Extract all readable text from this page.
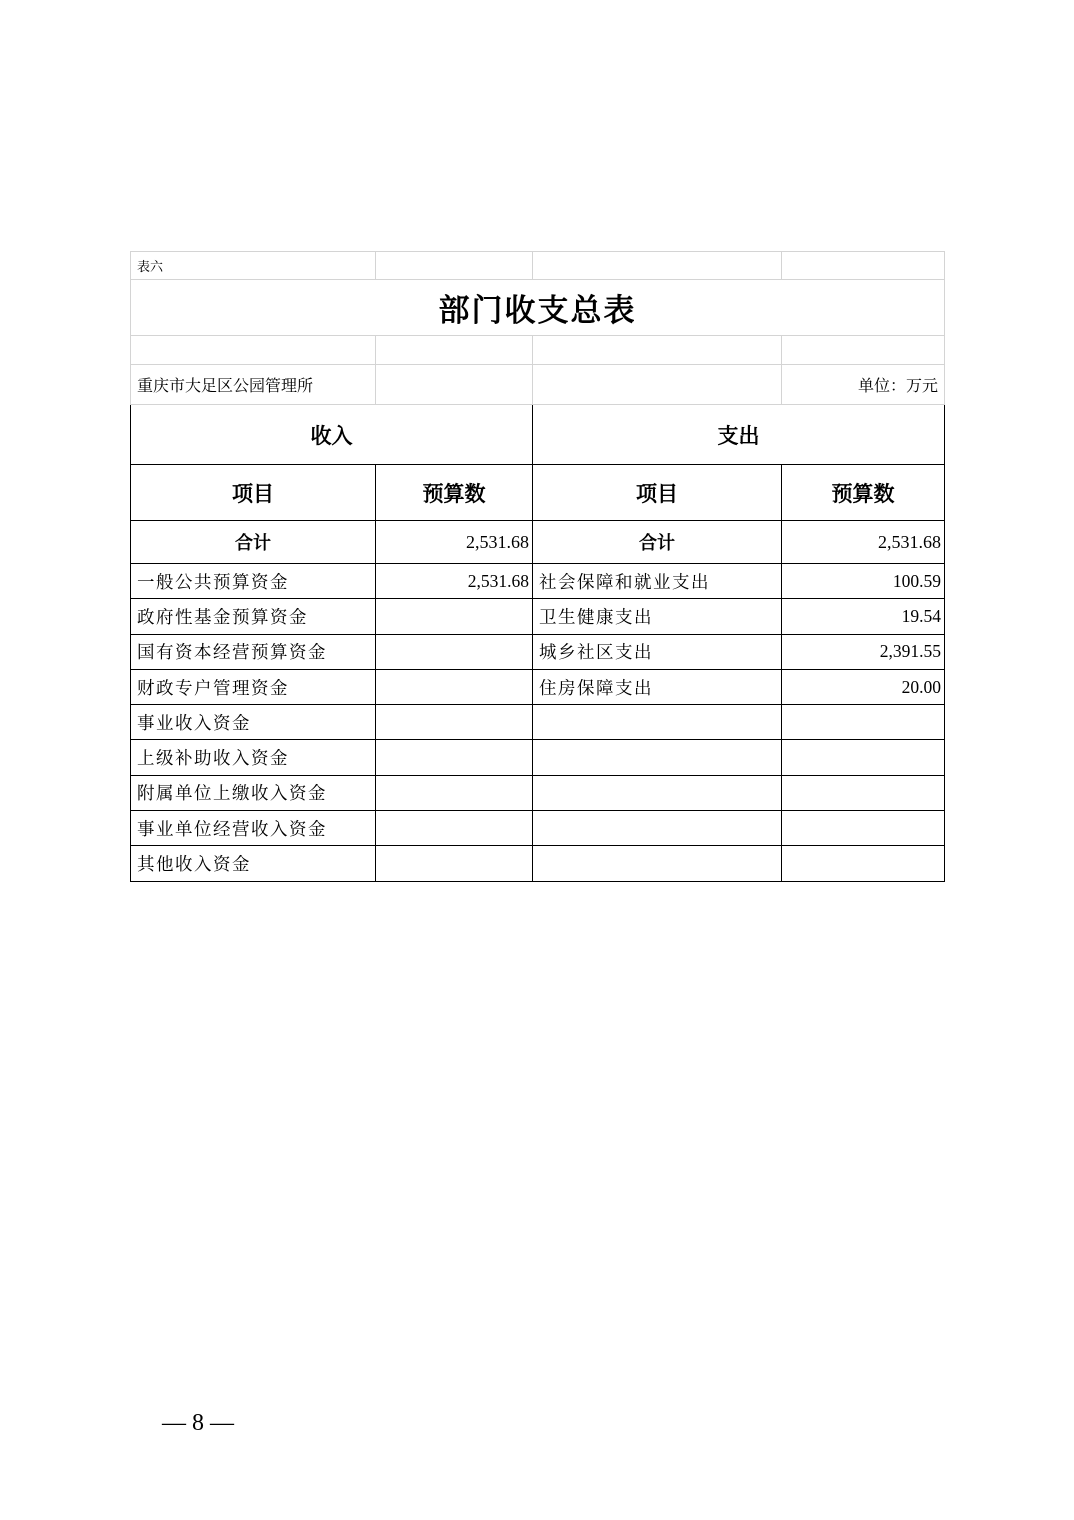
表六			
部门收支总表			

重庆市大足区公园管理所			单位：万元
收入		支出	
项目	预算数	项目	预算数
合计	2,531.68	合计	2,531.68
一般公共预算资金	2,531.68	社会保障和就业支出	100.59
政府性基金预算资金		卫生健康支出	19.54
国有资本经营预算资金		城乡社区支出	2,391.55
财政专户管理资金		住房保障支出	20.00
事业收入资金			
上级补助收入资金			
附属单位上缴收入资金			
事业单位经营收入资金			
其他收入资金			
— 8 —
